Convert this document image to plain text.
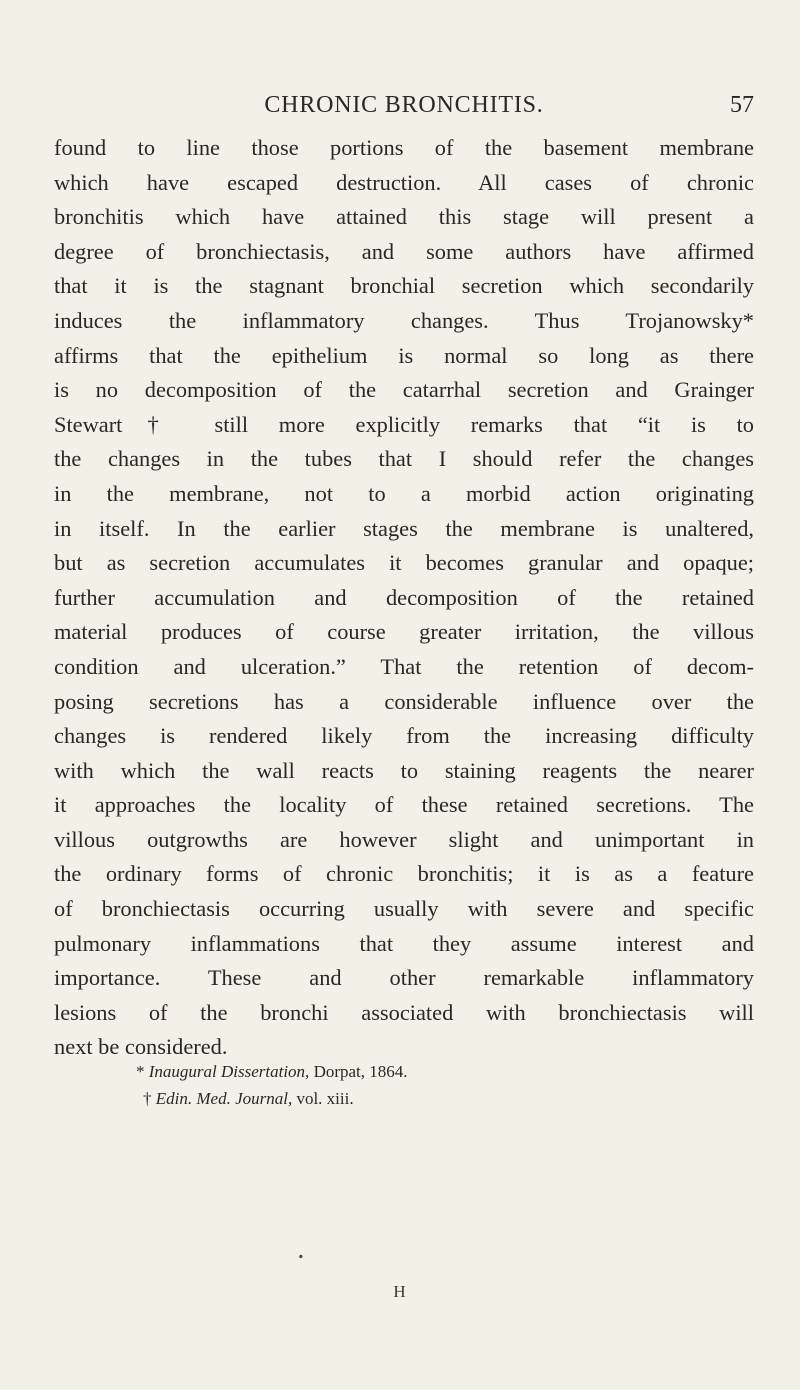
CHRONIC BRONCHITIS.	57
found to line those portions of the basement membrane
which have escaped destruction. All cases of chronic
bronchitis which have attained this stage will present a
degree of bronchiectasis, and some authors have affirmed
that it is the stagnant bronchial secretion which secondarily
induces the inflammatory changes. Thus Trojanowsky*
affirms that the epithelium is normal so long as there
is no decomposition of the catarrhal secretion and Grainger
Stewart† still more explicitly remarks that “it is to
the changes in the tubes that I should refer the changes
in the membrane, not to a morbid action originating
in itself. In the earlier stages the membrane is unaltered,
but as secretion accumulates it becomes granular and opaque;
further accumulation and decomposition of the retained
material produces of course greater irritation, the villous
condition and ulceration.” That the retention of decom-
posing secretions has a considerable influence over the
changes is rendered likely from the increasing difficulty
with which the wall reacts to staining reagents the nearer
it approaches the locality of these retained secretions. The
villous outgrowths are however slight and unimportant in
the ordinary forms of chronic bronchitis; it is as a feature
of bronchiectasis occurring usually with severe and specific
pulmonary inflammations that they assume interest and
importance. These and other remarkable inflammatory
lesions of the bronchi associated with bronchiectasis will
next be considered.
* Inaugural Dissertation, Dorpat, 1864.
† Edin. Med. Journal, vol. xiii.
•
H
